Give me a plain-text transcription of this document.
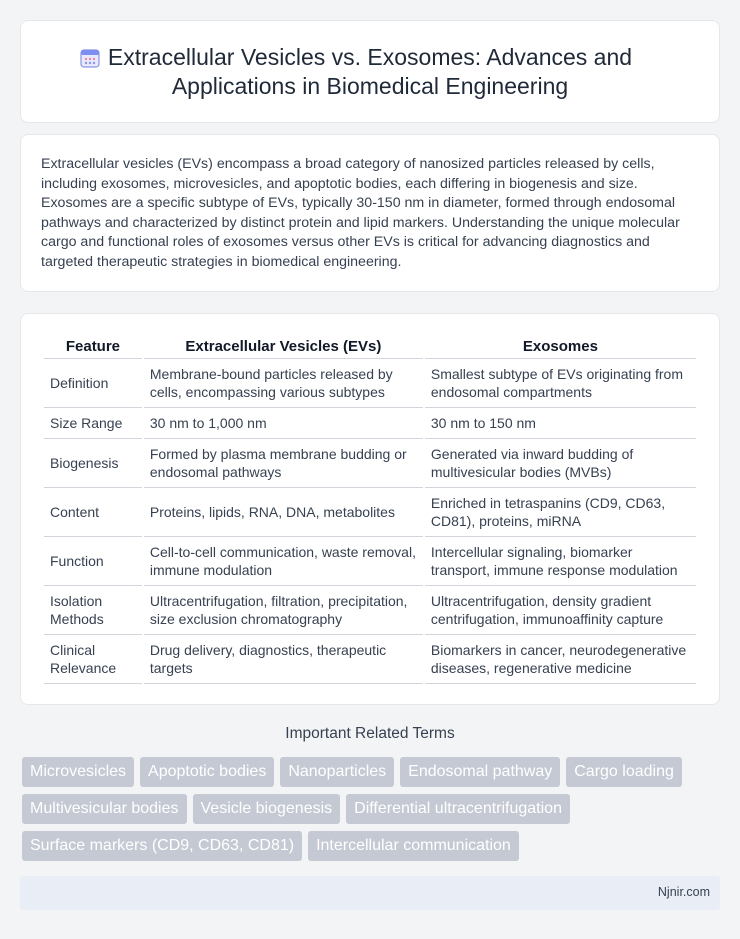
Extracellular Vesicles vs. Exosomes: Advances and
Applications in Biomedical Engineering

Extracellular vesicles (EVs) encompass a broad category of nanosized particles released by cells, including exosomes, microvesicles, and apoptotic bodies, each differing in biogenesis and size. Exosomes are a specific subtype of EVs, typically 30-150 nm in diameter, formed through endosomal pathways and characterized by distinct protein and lipid markers. Understanding the unique molecular cargo and functional roles of exosomes versus other EVs is critical for advancing diagnostics and targeted therapeutic strategies in biomedical engineering.

Feature	Extracellular Vesicles (EVs)	Exosomes
Definition	Membrane-bound particles released by cells, encompassing various subtypes	Smallest subtype of EVs originating from endosomal compartments
Size Range	30 nm to 1,000 nm	30 nm to 150 nm
Biogenesis	Formed by plasma membrane budding or endosomal pathways	Generated via inward budding of multivesicular bodies (MVBs)
Content	Proteins, lipids, RNA, DNA, metabolites	Enriched in tetraspanins (CD9, CD63, CD81), proteins, miRNA
Function	Cell-to-cell communication, waste removal, immune modulation	Intercellular signaling, biomarker transport, immune response modulation
Isolation Methods	Ultracentrifugation, filtration, precipitation, size exclusion chromatography	Ultracentrifugation, density gradient centrifugation, immunoaffinity capture
Clinical Relevance	Drug delivery, diagnostics, therapeutic targets	Biomarkers in cancer, neurodegenerative diseases, regenerative medicine
Important Related Terms
Microvesicles	Apoptotic bodies	Nanoparticles	Endosomal pathway	Cargo loading
Multivesicular bodies	Vesicle biogenesis	Differential ultracentrifugation
Surface markers (CD9, CD63, CD81)	Intercellular communication
Njnir.com
